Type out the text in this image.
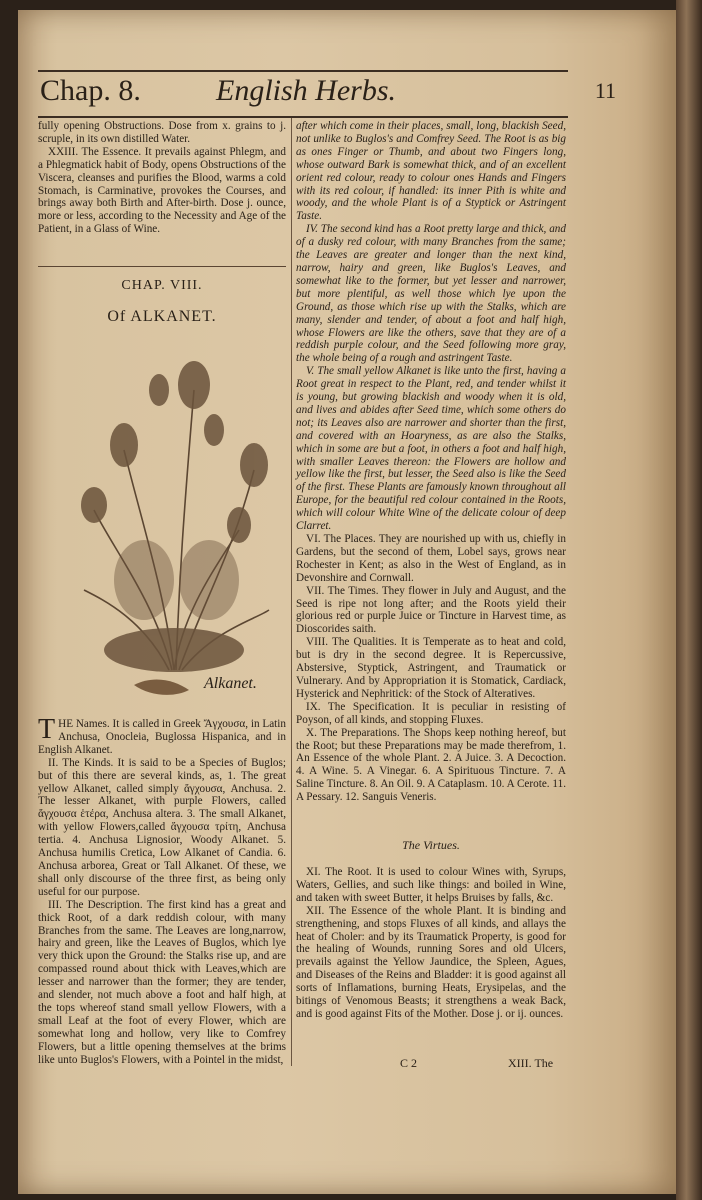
Chap. 8.	English Herbs.	11

fully opening Obstructions. Dose from x. grains to j. scruple, in its own distilled Water.

XXIII. The Essence. It prevails against Phlegm, and a Phlegmatick habit of Body, opens Obstructions of the Viscera, cleanses and purifies the Blood, warms a cold Stomach, is Carminative, provokes the Courses, and brings away both Birth and After-birth. Dose j. ounce, more or less, according to the Necessity and Age of the Patient, in a Glass of Wine.

CHAP. VIII.
Of ALKANET.
Alkanet.

THE Names. It is called in Greek Ἄγχουσα, in Latin Anchusa, Onocleia, Buglossa Hispanica, and in English Alkanet.

II. The Kinds. It is said to be a Species of Buglos; but of this there are several kinds, as, 1. The great yellow Alkanet, called simply ἄγχουσα, Anchusa. 2. The lesser Alkanet, with purple Flowers, called ἄγχουσα ἑτέρα, Anchusa altera. 3. The small Alkanet, with yellow Flowers,called ἄγχουσα τρίτη, Anchusa tertia. 4. Anchusa Lignosior, Woody Alkanet. 5. Anchusa humilis Cretica, Low Alkanet of Candia. 6. Anchusa arborea, Great or Tall Alkanet. Of these, we shall only discourse of the three first, as being only useful for our purpose.

III. The Description. The first kind has a great and thick Root, of a dark reddish colour, with many Branches from the same. The Leaves are long,narrow, hairy and green, like the Leaves of Buglos, which lye very thick upon the Ground: the Stalks rise up, and are compassed round about thick with Leaves,which are lesser and narrower than the former; they are tender, and slender, not much above a foot and half high, at the tops whereof stand small yellow Flowers, with a small Leaf at the foot of every Flower, which are somewhat long and hollow, very like to Comfrey Flowers, but a little opening themselves at the brims like unto Buglos's Flowers, with a Pointel in the midst,

after which come in their places, small, long, blackish Seed, not unlike to Buglos's and Comfrey Seed. The Root is as big as ones Finger or Thumb, and about two Fingers long, whose outward Bark is somewhat thick, and of an excellent orient red colour, ready to colour ones Hands and Fingers with its red colour, if handled: its inner Pith is white and woody, and the whole Plant is of a Styptick or Astringent Taste.

IV. The second kind has a Root pretty large and thick, and of a dusky red colour, with many Branches from the same; the Leaves are greater and longer than the next kind, narrow, hairy and green, like Buglos's Leaves, and somewhat like to the former, but yet lesser and narrower, but more plentiful, as well those which lye upon the Ground, as those which rise up with the Stalks, which are many, slender and tender, of about a foot and half high, whose Flowers are like the others, save that they are of a reddish purple colour, and the Seed following more gray, the whole being of a rough and astringent Taste.

V. The small yellow Alkanet is like unto the first, having a Root great in respect to the Plant, red, and tender whilst it is young, but growing blackish and woody when it is old, and lives and abides after Seed time, which some others do not; its Leaves also are narrower and shorter than the first, and covered with an Hoaryness, as are also the Stalks, which in some are but a foot, in others a foot and half high, with smaller Leaves thereon: the Flowers are hollow and yellow like the first, but lesser, the Seed also is like the Seed of the first. These Plants are famously known throughout all Europe, for the beautiful red colour contained in the Roots, which will colour White Wine of the delicate colour of deep Clarret.

VI. The Places. They are nourished up with us, chiefly in Gardens, but the second of them, Lobel says, grows near Rochester in Kent; as also in the West of England, as in Devonshire and Cornwall.

VII. The Times. They flower in July and August, and the Seed is ripe not long after; and the Roots yield their glorious red or purple Juice or Tincture in Harvest time, as Dioscorides saith.

VIII. The Qualities. It is Temperate as to heat and cold, but is dry in the second degree. It is Repercussive, Abstersive, Styptick, Astringent, and Traumatick or Vulnerary. And by Appropriation it is Stomatick, Cardiack, Hysterick and Nephritick: of the Stock of Alteratives.

IX. The Specification. It is peculiar in resisting of Poyson, of all kinds, and stopping Fluxes.

X. The Preparations. The Shops keep nothing hereof, but the Root; but these Preparations may be made therefrom, 1. An Essence of the whole Plant. 2. A Juice. 3. A Decoction. 4. A Wine. 5. A Vinegar. 6. A Spirituous Tincture. 7. A Saline Tincture. 8. An Oil. 9. A Cataplasm. 10. A Cerote. 11. A Pessary. 12. Sanguis Veneris.

The Virtues.

XI. The Root. It is used to colour Wines with, Syrups, Waters, Gellies, and such like things: and boiled in Wine, and taken with sweet Butter, it helps Bruises by falls, &c.

XII. The Essence of the whole Plant. It is binding and strengthening, and stops Fluxes of all kinds, and allays the heat of Choler: and by its Traumatick Property, is good for the healing of Wounds, running Sores and old Ulcers, prevails against the Yellow Jaundice, the Spleen, Agues, and Diseases of the Reins and Bladder: it is good against all sorts of Inflamations, burning Heats, Erysipelas, and the bitings of Venomous Beasts; it strengthens a weak Back, and is good against Fits of the Mother. Dose j. or ij. ounces.

C 2	XIII. The
